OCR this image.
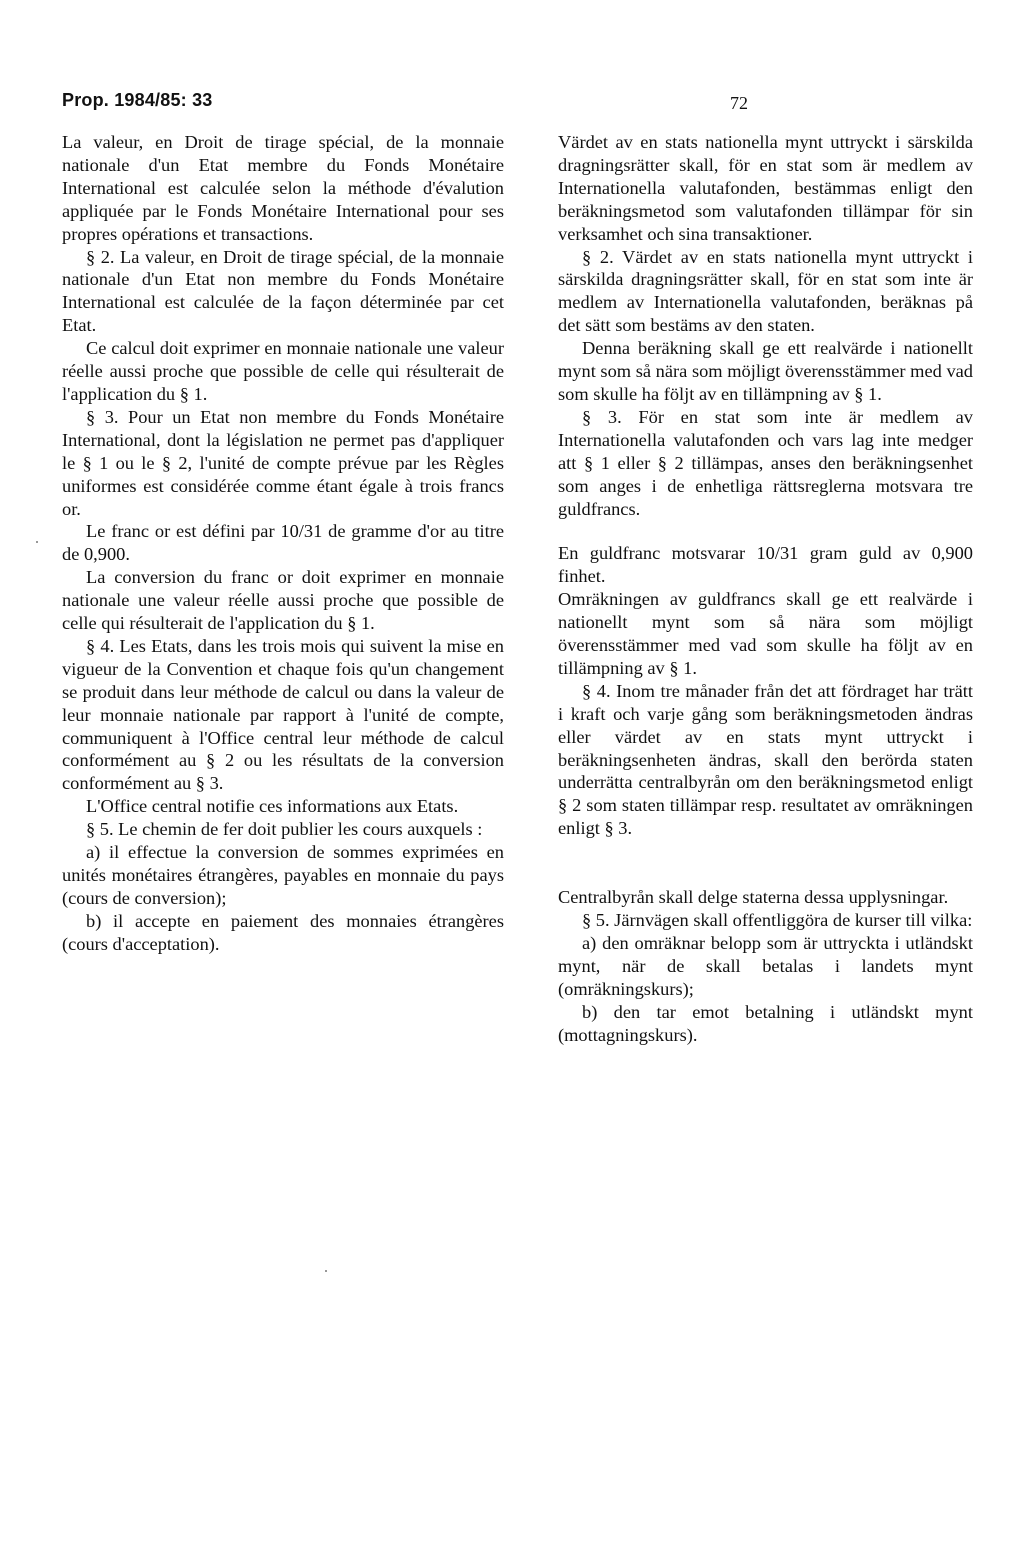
Prop. 1984/85: 33	72

La valeur, en Droit de tirage spécial, de la monnaie nationale d'un Etat membre du Fonds Monétaire International est calculée selon la méthode d'évalution appliquée par le Fonds Monétaire International pour ses propres opérations et transactions.

§ 2. La valeur, en Droit de tirage spécial, de la monnaie nationale d'un Etat non membre du Fonds Monétaire International est calculée de la façon déterminée par cet Etat.

Ce calcul doit exprimer en monnaie nationale une valeur réelle aussi proche que possible de celle qui résulterait de l'application du § 1.

§ 3. Pour un Etat non membre du Fonds Monétaire International, dont la législation ne permet pas d'appliquer le § 1 ou le § 2, l'unité de compte prévue par les Règles uniformes est considérée comme étant égale à trois francs or.

Le franc or est défini par 10/31 de gramme d'or au titre de 0,900.

La conversion du franc or doit exprimer en monnaie nationale une valeur réelle aussi proche que possible de celle qui résulterait de l'application du § 1.

§ 4. Les Etats, dans les trois mois qui suivent la mise en vigueur de la Convention et chaque fois qu'un changement se produit dans leur méthode de calcul ou dans la valeur de leur monnaie nationale par rapport à l'unité de compte, communiquent à l'Office central leur méthode de calcul conformément au § 2 ou les résultats de la conversion conformément au § 3.

L'Office central notifie ces informations aux Etats.

§ 5. Le chemin de fer doit publier les cours auxquels :

a) il effectue la conversion de sommes exprimées en unités monétaires étrangères, payables en monnaie du pays (cours de conversion);

b) il accepte en paiement des monnaies étrangères (cours d'acceptation).

Värdet av en stats nationella mynt uttryckt i särskilda dragningsrätter skall, för en stat som är medlem av Internationella valutafonden, bestämmas enligt den beräkningsmetod som valutafonden tillämpar för sin verksamhet och sina transaktioner.

§ 2. Värdet av en stats nationella mynt uttryckt i särskilda dragningsrätter skall, för en stat som inte är medlem av Internationella valutafonden, beräknas på det sätt som bestäms av den staten.

Denna beräkning skall ge ett realvärde i nationellt mynt som så nära som möjligt överensstämmer med vad som skulle ha följt av en tillämpning av § 1.

§ 3. För en stat som inte är medlem av Internationella valutafonden och vars lag inte medger att § 1 eller § 2 tillämpas, anses den beräkningsenhet som anges i de enhetliga rättsreglerna motsvara tre guldfrancs.

En guldfranc motsvarar 10/31 gram guld av 0,900 finhet.

Omräkningen av guldfrancs skall ge ett realvärde i nationellt mynt som så nära som möjligt överensstämmer med vad som skulle ha följt av en tillämpning av § 1.

§ 4. Inom tre månader från det att fördraget har trätt i kraft och varje gång som beräkningsmetoden ändras eller värdet av en stats mynt uttryckt i beräkningsenheten ändras, skall den berörda staten underrätta centralbyrån om den beräkningsmetod enligt § 2 som staten tillämpar resp. resultatet av omräkningen enligt § 3.

Centralbyrån skall delge staterna dessa upplysningar.

§ 5. Järnvägen skall offentliggöra de kurser till vilka:

a) den omräknar belopp som är uttryckta i utländskt mynt, när de skall betalas i landets mynt (omräkningskurs);

b) den tar emot betalning i utländskt mynt (mottagningskurs).
